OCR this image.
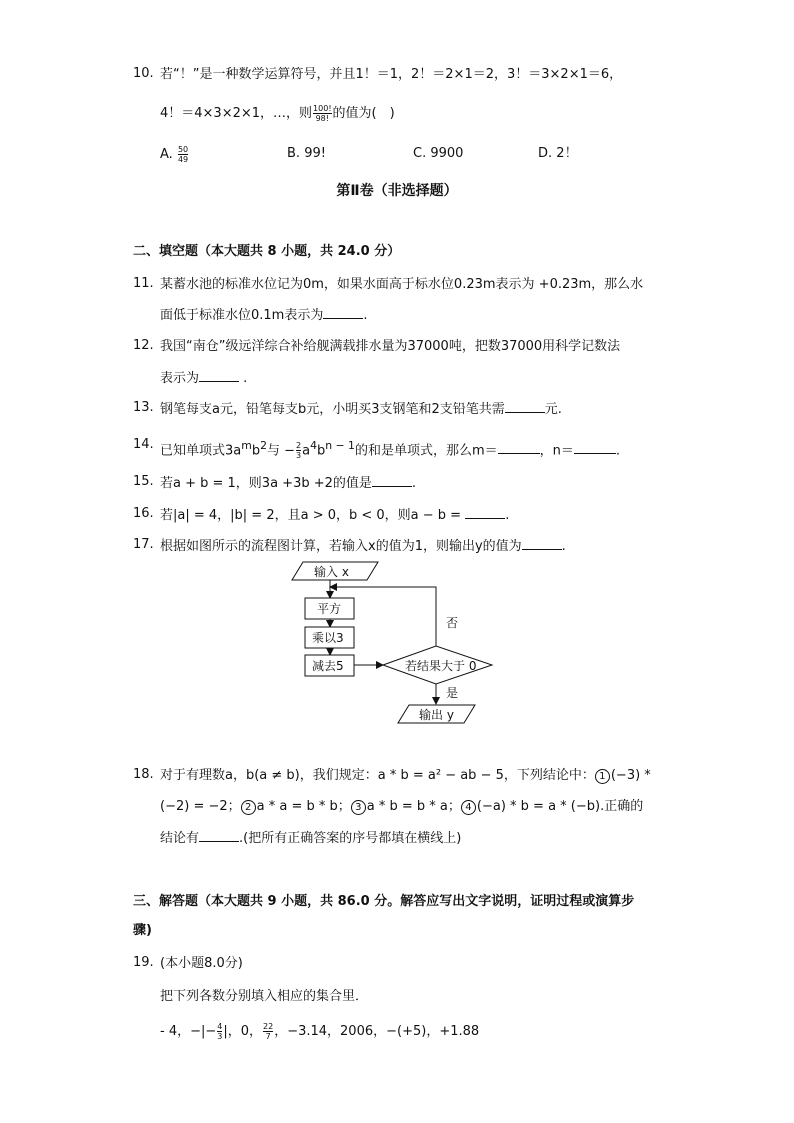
10. 若“！”是一种数学运算符号，并且1！＝1，2！＝2×1＝2，3！＝3×2×1＝6，
4！＝4×3×2×1，…，则 $\frac{100!}{98!}$ 的值为(　)
A. $\frac{50}{49}$	B. 99!	C. 9900	D. 2！
第Ⅱ卷（非选择题）
二、填空题（本大题共 8 小题，共 24.0 分）
11. 某蓄水池的标准水位记为0m，如果水面高于标水位0.23m表示为 +0.23m，那么水
面低于标准水位0.1m表示为	.
12. 我国“南仓”级远洋综合补给舰满载排水量为37000吨，把数37000用科学记数法
表示为	.
13. 钢笔每支a元，铅笔每支b元，小明买3支钢笔和2支铅笔共需	元.
14. 已知单项式$3a^mb^2$与 − $\frac{2}{3} a^4b^{n - 1}$的和是单项式，那么m＝	，n＝	.
15. 若a + b = 1，则3a +3b +2的值是	.
16. 若|a| = 4，|b| = 2，且a > 0，b < 0，则a − b =	.
17. 根据如图所示的流程图计算，若输入x的值为1，则输出y的值为	.
输入 x
平方
乘以3
减去5	若结果大于 0
否
是
输出 y
18. 对于有理数a，b(a ≠ b)，我们规定：a * b = a² − ab − 5，下列结论中： 1 (−3) *
(−2) = −2； 2 a * a = b * b； 3 a * b = b * a； 4 (−a) * b = a * (−b).正确的
结论有	.(把所有正确答案的序号都填在横线上)
三、解答题（本大题共 9 小题，共 86.0 分。解答应写出文字说明，证明过程或演算步
骤)
19. (本小题8.0分)
把下列各数分别填入相应的集合里．
- 4，−|− $\frac{4}{3}$ |，0， $\frac{22}{7}$ ，−3.14，2006，−(+5)，+1.88
